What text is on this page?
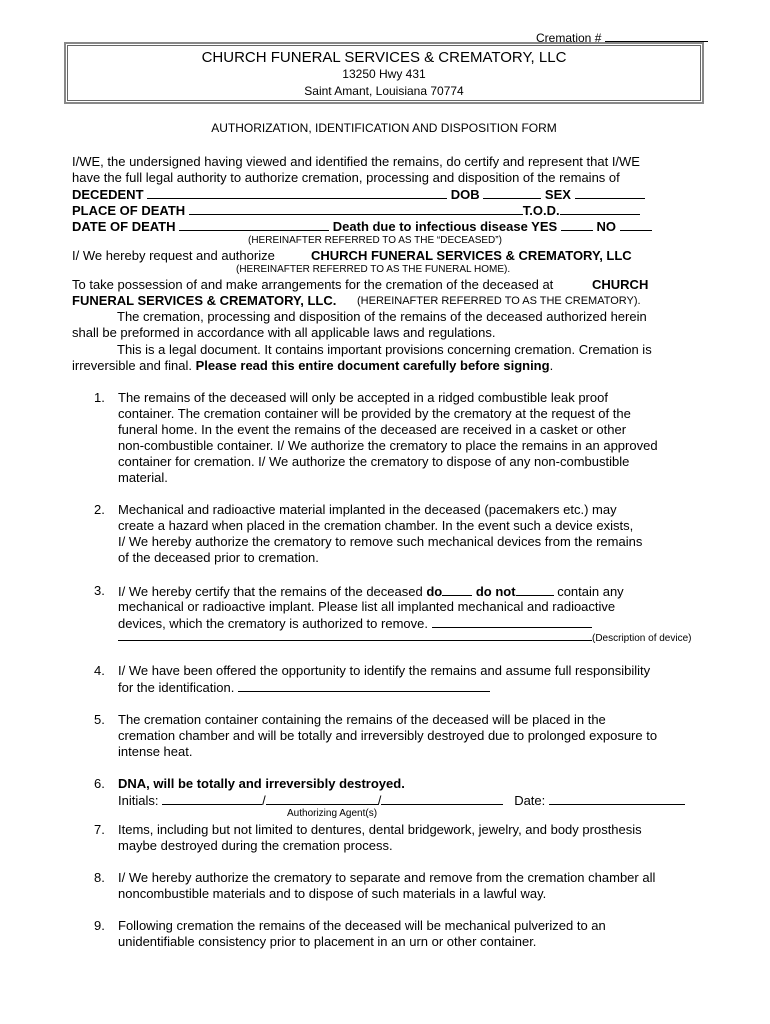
Cremation #
CHURCH FUNERAL SERVICES & CREMATORY, LLC
13250 Hwy 431
Saint Amant, Louisiana 70774
AUTHORIZATION, IDENTIFICATION AND DISPOSITION FORM
I/WE, the undersigned having viewed and identified the remains, do certify and represent that I/WE
have the full legal authority to authorize cremation, processing and disposition of the remains of
DECEDENT	DOB	SEX
PLACE OF DEATH	T.O.D.
DATE OF DEATH	Death due to infectious disease YES	NO
(HEREINAFTER REFERRED TO AS THE “DECEASED”)
I/ We hereby request and authorize	CHURCH FUNERAL SERVICES & CREMATORY, LLC
(HEREINAFTER REFERRED TO AS THE FUNERAL HOME).
To take possession of and make arrangements for the cremation of the deceased at	CHURCH
FUNERAL SERVICES & CREMATORY, LLC. (HEREINAFTER REFERRED TO AS THE CREMATORY).
The cremation, processing and disposition of the remains of the deceased authorized herein
shall be preformed in accordance with all applicable laws and regulations.
This is a legal document. It contains important provisions concerning cremation. Cremation is
irreversible and final. Please read this entire document carefully before signing.
1. The remains of the deceased will only be accepted in a ridged combustible leak proof
container. The cremation container will be provided by the crematory at the request of the
funeral home. In the event the remains of the deceased are received in a casket or other
non-combustible container. I/ We authorize the crematory to place the remains in an approved
container for cremation. I/ We authorize the crematory to dispose of any non-combustible
material.
2. Mechanical and radioactive material implanted in the deceased (pacemakers etc.) may
create a hazard when placed in the cremation chamber. In the event such a device exists,
I/ We hereby authorize the crematory to remove such mechanical devices from the remains
of the deceased prior to cremation.
3. I/ We hereby certify that the remains of the deceased do	do not	contain any
mechanical or radioactive implant. Please list all implanted mechanical and radioactive
devices, which the crematory is authorized to remove.
(Description of device)
4. I/ We have been offered the opportunity to identify the remains and assume full responsibility
for the identification.
5. The cremation container containing the remains of the deceased will be placed in the
cremation chamber and will be totally and irreversibly destroyed due to prolonged exposure to
intense heat.
6. DNA, will be totally and irreversibly destroyed.
Initials:	/	/	Date:
Authorizing Agent(s)
7. Items, including but not limited to dentures, dental bridgework, jewelry, and body prosthesis
maybe destroyed during the cremation process.
8. I/ We hereby authorize the crematory to separate and remove from the cremation chamber all
noncombustible materials and to dispose of such materials in a lawful way.
9. Following cremation the remains of the deceased will be mechanical pulverized to an
unidentifiable consistency prior to placement in an urn or other container.
